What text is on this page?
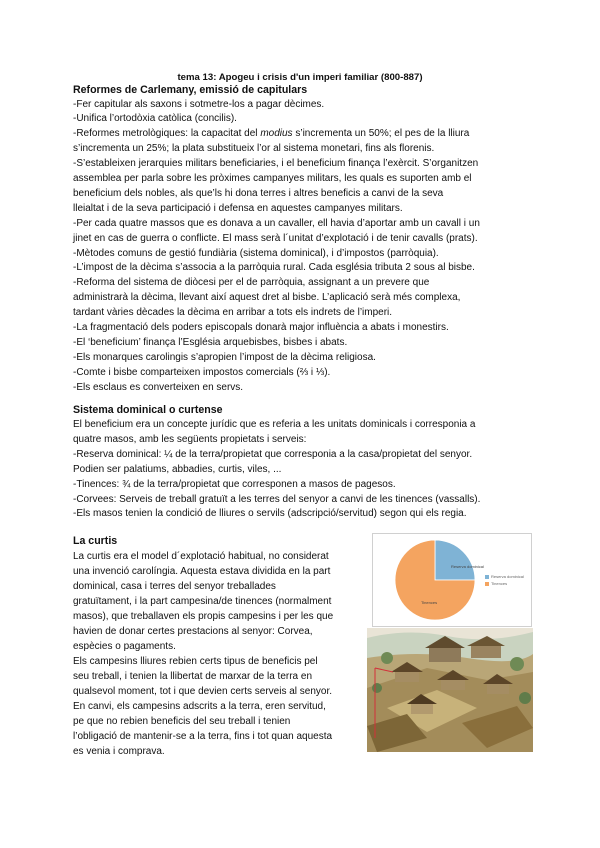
tema 13: Apogeu i crisis d'un imperi familiar (800-887)
Reformes de Carlemany, emissió de capitulars
-Fer capitular als saxons i sotmetre-los a pagar dècimes.
-Unifica l’ortodòxia catòlica (concilis).
-Reformes metrològiques: la capacitat del modius s’incrementa un 50%; el pes de la lliura
s’incrementa un 25%; la plata substitueix l’or al sistema monetari, fins als florenis.
-S’estableixen jerarquies militars beneficiaries, i el beneficium finança l’exèrcit. S’organitzen
assemblea per parla sobre les pròximes campanyes militars, les quals es suporten amb el
beneficium dels nobles, als que’ls hi dona terres i altres beneficis a canvi de la seva
lleialtat i de la seva participació i defensa en aquestes campanyes militars.
-Per cada quatre massos que es donava a un cavaller, ell havia d’aportar amb un cavall i un
jinet en cas de guerra o conflicte. El mass serà l´unitat d’explotació i de tenir cavalls (prats).
-Mètodes comuns de gestió fundiària (sistema dominical), i d’impostos (parròquia).
-L’impost de la dècima s’associa a la parròquia rural. Cada església tributa 2 sous al bisbe.
-Reforma del sistema de diòcesi per el de parròquia, assignant a un prevere que
administrarà la dècima, llevant així aquest dret al bisbe. L’aplicació serà més complexa,
tardant vàries dècades la dècima en arribar a tots els indrets de l’imperi.
-La fragmentació dels poders episcopals donarà major influència a abats i monestirs.
-El ‘beneficium’ finança l’Església arquebisbes, bisbes i abats.
-Els monarques carolingis s’apropien l’impost de la dècima religiosa.
-Comte i bisbe comparteixen impostos comercials (⅔ i ⅓).
-Els esclaus es converteixen en servs.
Sistema dominical o curtense
El beneficium era un concepte jurídic que es referia a les unitats dominicals i corresponia a
quatre masos, amb les següents propietats i serveis:
-Reserva dominical: ¼ de la terra/propietat que corresponia a la casa/propietat del senyor.
Podien ser palatiums, abbadies, curtis, viles, ...
-Tinences: ¾ de la terra/propietat que corresponen a masos de pagesos.
-Corvees: Serveis de treball gratuït a les terres del senyor a canvi de les tinences (vassalls).
-Els masos tenien la condició de lliures o servils (adscripció/servitud) segon qui els regia.
La curtis
La curtis era el model d´explotació habitual, no considerat
una invenció carolíngia. Aquesta estava dividida en la part
dominical, casa i terres del senyor treballades
gratuïtament, i la part campesina/de tinences (normalment
masos), que treballaven els propis campesins i per les que
havien de donar certes prestacions al senyor: Corvea,
espècies o pagaments.
Els campesins lliures rebien certs tipus de beneficis pel
seu treball, i tenien la llibertat de marxar de la terra en
qualsevol moment, tot i que devien certs serveis al senyor.
En canvi, els campesins adscrits a la terra, eren servitud,
pe que no rebien beneficis del seu treball i tenien
l’obligació de mantenir-se a la terra, fins i tot quan aquesta
es venia i comprava.
Reserva dominical
Tinences
Reserva dominical
Tinences
